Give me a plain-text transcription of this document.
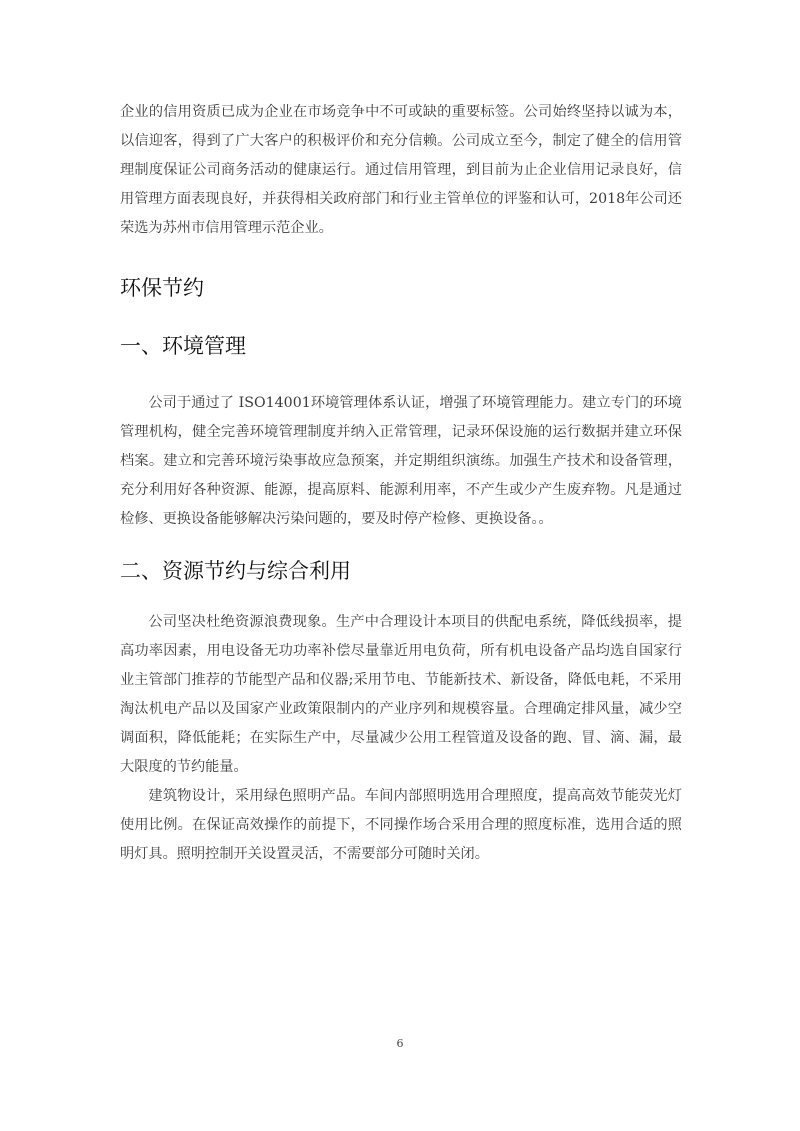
企业的信用资质已成为企业在市场竞争中不可或缺的重要标签。公司始终坚持以诚为本，以信迎客，得到了广大客户的积极评价和充分信赖。公司成立至今，制定了健全的信用管理制度保证公司商务活动的健康运行。通过信用管理，到目前为止企业信用记录良好，信用管理方面表现良好，并获得相关政府部门和行业主管单位的评鉴和认可，2018年公司还荣选为苏州市信用管理示范企业。

环保节约
一、环境管理

公司于通过了 ISO14001环境管理体系认证，增强了环境管理能力。建立专门的环境管理机构，健全完善环境管理制度并纳入正常管理，记录环保设施的运行数据并建立环保档案。建立和完善环境污染事故应急预案，并定期组织演练。加强生产技术和设备管理，充分利用好各种资源、能源，提高原料、能源利用率，不产生或少产生废弃物。凡是通过检修、更换设备能够解决污染问题的，要及时停产检修、更换设备。。

二、资源节约与综合利用

公司坚决杜绝资源浪费现象。生产中合理设计本项目的供配电系统，降低线损率，提高功率因素，用电设备无功功率补偿尽量靠近用电负荷，所有机电设备产品均选自国家行业主管部门推荐的节能型产品和仪器;采用节电、节能新技术、新设备，降低电耗，不采用淘汰机电产品以及国家产业政策限制内的产业序列和规模容量。合理确定排风量，减少空调面积，降低能耗；在实际生产中，尽量减少公用工程管道及设备的跑、冒、滴、漏，最大限度的节约能量。

建筑物设计，采用绿色照明产品。车间内部照明选用合理照度，提高高效节能荧光灯使用比例。在保证高效操作的前提下，不同操作场合采用合理的照度标准，选用合适的照明灯具。照明控制开关设置灵活，不需要部分可随时关闭。

6
